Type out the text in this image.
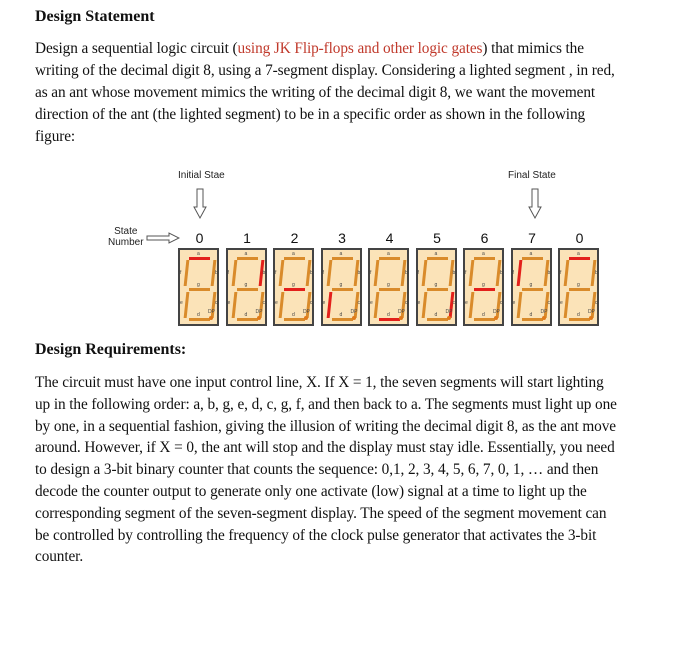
Design Statement
Design a sequential logic circuit (using JK Flip-flops and other logic gates) that mimics the
writing of the decimal digit 8, using a 7-segment display. Considering a lighted segment , in red,
as an ant whose movement mimics the writing of the decimal digit 8, we want the movement
direction of the ant (the lighted segment) to be in a specific order as shown in the following
figure:
Initial Stae	Final State
State
Number	0
a
b
c
d
e
f
g
DP
1
a
b
c
d
e
f
g
DP
2
a
b
c
d
e
f
g
DP
3
a
b
c
d
e
f
g
DP
4
a
b
c
d
e
f
g
DP
5
a
b
c
d
e
f
g
DP
6
a
b
c
d
e
f
g
DP
7
a
b
c
d
e
f
g
DP
0
a
b
c
d
e
f
g
DP
Design Requirements:
The circuit must have one input control line, X. If X = 1, the seven segments will start lighting
up in the following order: a, b, g, e, d, c, g, f, and then back to a. The segments must light up one
by one, in a sequential fashion, giving the illusion of writing the decimal digit 8, as the ant move
around. However, if X = 0, the ant will stop and the display must stay idle. Essentially, you need
to design a 3-bit binary counter that counts the sequence: 0,1, 2, 3, 4, 5, 6, 7, 0, 1, … and then
decode the counter output to generate only one activate (low) signal at a time to light up the
corresponding segment of the seven-segment display. The speed of the segment movement can
be controlled by controlling the frequency of the clock pulse generator that activates the 3-bit
counter.
